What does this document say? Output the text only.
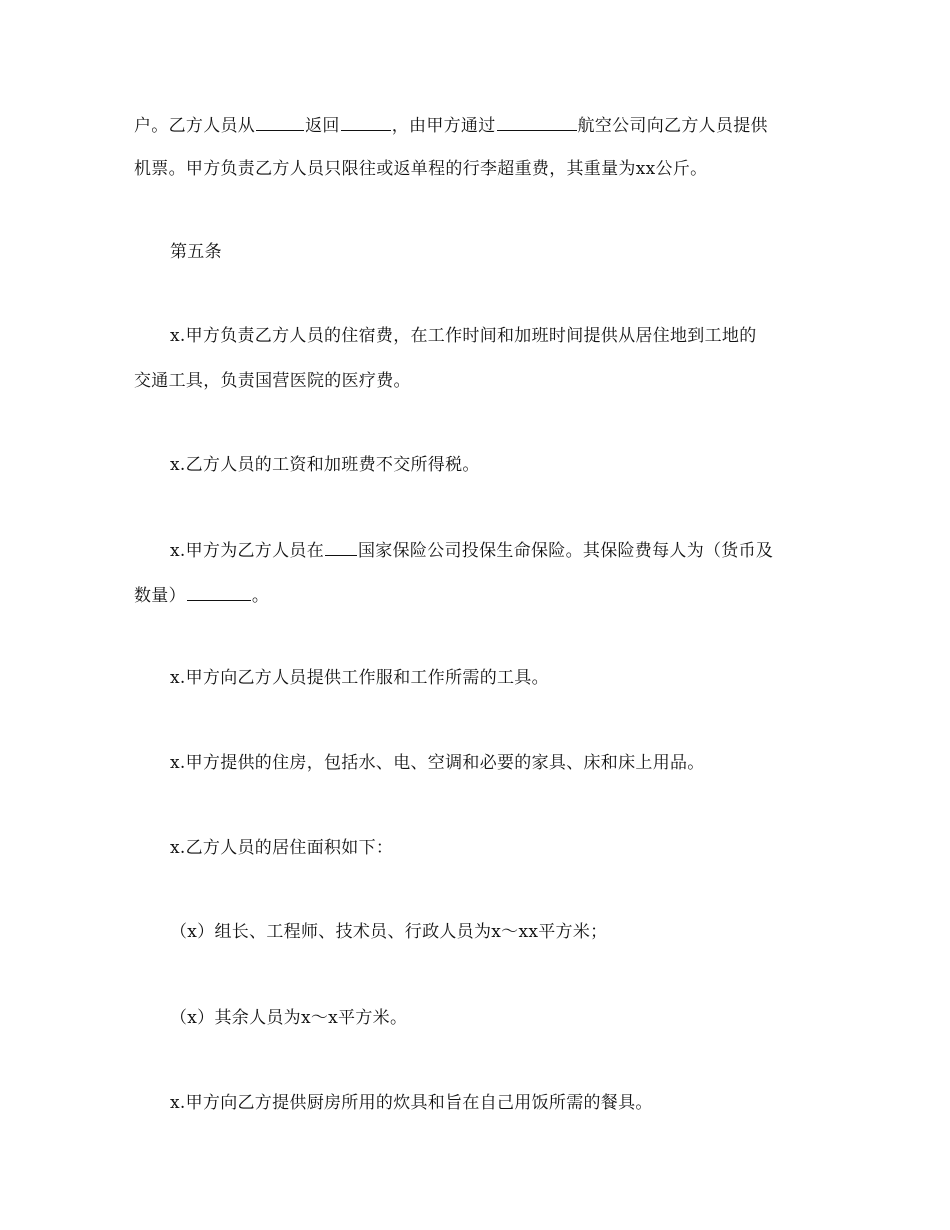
户。乙方人员从	返回	，由甲方通过	航空公司向乙方人员提供
机票。甲方负责乙方人员只限往或返单程的行李超重费，其重量为xx公斤。
第五条
x.甲方负责乙方人员的住宿费，在工作时间和加班时间提供从居住地到工地的
交通工具，负责国营医院的医疗费。
x.乙方人员的工资和加班费不交所得税。
x.甲方为乙方人员在 国家保险公司投保生命保险。其保险费每人为（货币及
数量）	。
x.甲方向乙方人员提供工作服和工作所需的工具。
x.甲方提供的住房，包括水、电、空调和必要的家具、床和床上用品。
x.乙方人员的居住面积如下：
（x）组长、工程师、技术员、行政人员为x～xx平方米；
（x）其余人员为x～x平方米。
x.甲方向乙方提供厨房所用的炊具和旨在自己用饭所需的餐具。
